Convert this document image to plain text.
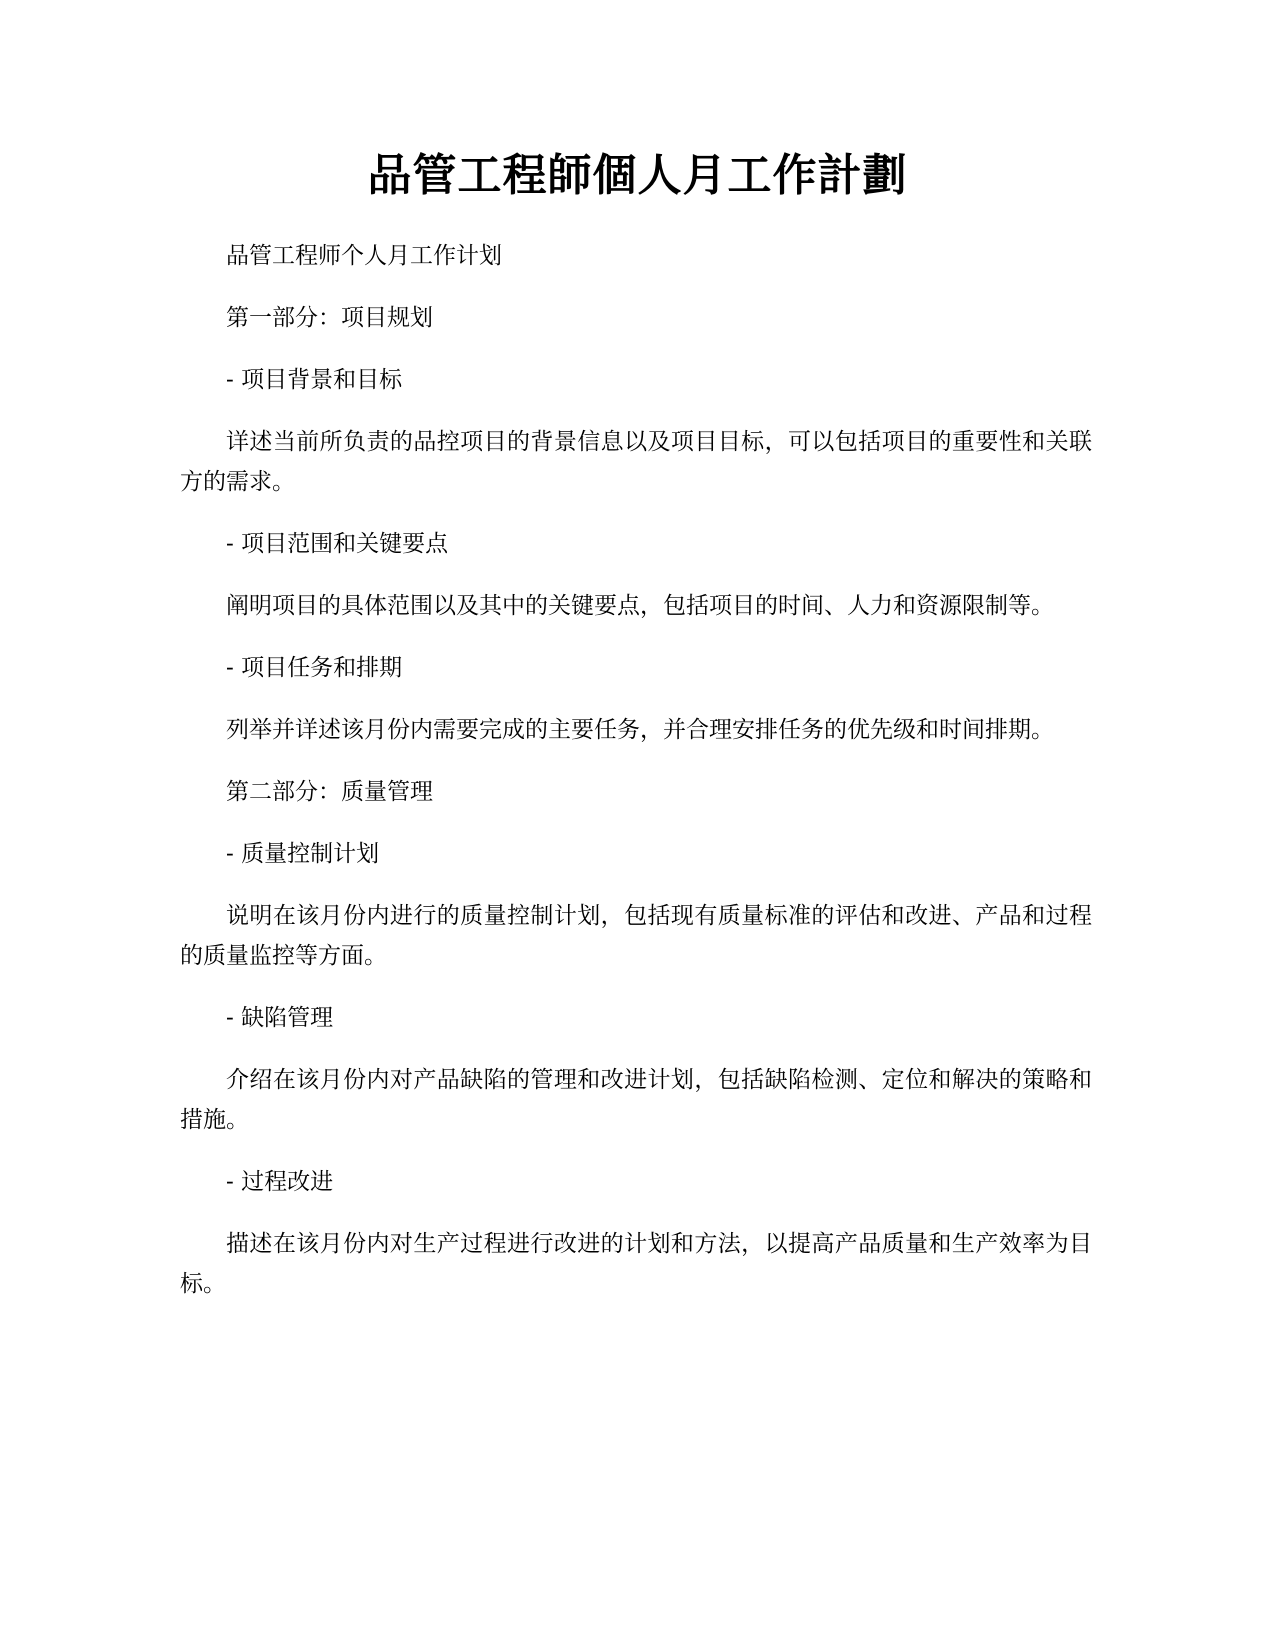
品管工程師個人月工作計劃

品管工程师个人月工作计划

第一部分：项目规划

- 项目背景和目标

详述当前所负责的品控项目的背景信息以及项目目标，可以包括项目的重要性和关联方的需求。

- 项目范围和关键要点

阐明项目的具体范围以及其中的关键要点，包括项目的时间、人力和资源限制等。

- 项目任务和排期

列举并详述该月份内需要完成的主要任务，并合理安排任务的优先级和时间排期。

第二部分：质量管理

- 质量控制计划

说明在该月份内进行的质量控制计划，包括现有质量标准的评估和改进、产品和过程的质量监控等方面。

- 缺陷管理

介绍在该月份内对产品缺陷的管理和改进计划，包括缺陷检测、定位和解决的策略和措施。

- 过程改进

描述在该月份内对生产过程进行改进的计划和方法，以提高产品质量和生产效率为目标。
